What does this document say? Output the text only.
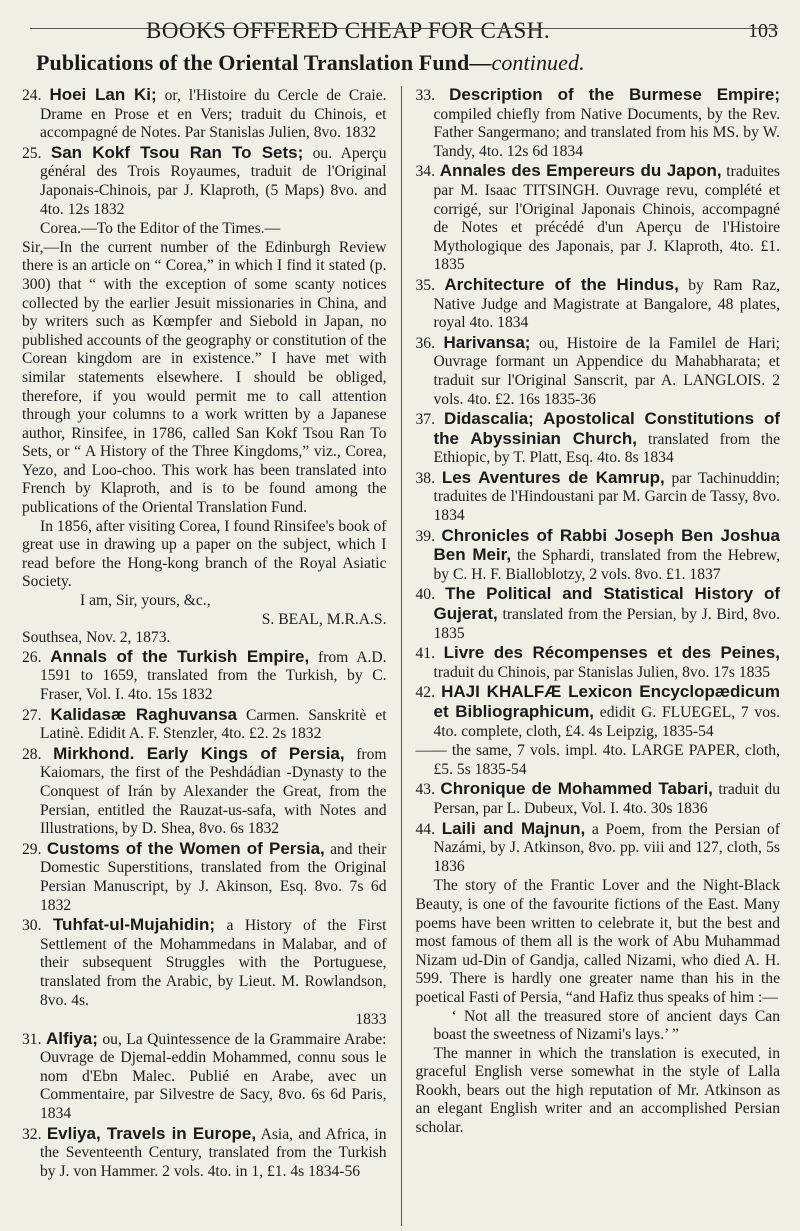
BOOKS OFFERED CHEAP FOR CASH.	103
Publications of the Oriental Translation Fund—continued.

24. Hoei Lan Ki; or, l'Histoire du Cercle de Craie. Drame en Prose et en Vers; traduit du Chinois, et accompagné de Notes. Par Stanislas Julien, 8vo. 1832

25. San Kokf Tsou Ran To Sets; ou. Aperçu général des Trois Royaumes, traduit de l'Original Japonais-Chinois, par J. Klaproth, (5 Maps) 8vo. and 4to. 12s 1832

Corea.—To the Editor of the Times.—

Sir,—In the current number of the Edinburgh Review there is an article on “ Corea,” in which I find it stated (p. 300) that “ with the exception of some scanty notices collected by the earlier Jesuit missionaries in China, and by writers such as Kœmpfer and Siebold in Japan, no published accounts of the geography or constitution of the Corean kingdom are in existence.” I have met with similar statements elsewhere. I should be obliged, therefore, if you would permit me to call attention through your columns to a work written by a Japanese author, Rinsifee, in 1786, called San Kokf Tsou Ran To Sets, or “ A History of the Three Kingdoms,” viz., Corea, Yezo, and Loo-choo. This work has been translated into French by Klaproth, and is to be found among the publications of the Oriental Translation Fund.

In 1856, after visiting Corea, I found Rinsifee's book of great use in drawing up a paper on the subject, which I read before the Hong-kong branch of the Royal Asiatic Society.

I am, Sir, yours, &c.,

S. BEAL, M.R.A.S.

Southsea, Nov. 2, 1873.

26. Annals of the Turkish Empire, from A.D. 1591 to 1659, translated from the Turkish, by C. Fraser, Vol. I. 4to. 15s 1832

27. Kalidasæ Raghuvansa Carmen. Sanskritè et Latinè. Edidit A. F. Stenzler, 4to. £2. 2s 1832

28. Mirkhond. Early Kings of Persia, from Kaiomars, the first of the Peshdádian -Dynasty to the Conquest of Irán by Alexander the Great, from the Persian, entitled the Rauzat-us-safa, with Notes and Illustrations, by D. Shea, 8vo. 6s 1832

29. Customs of the Women of Persia, and their Domestic Superstitions, translated from the Original Persian Manuscript, by J. Akinson, Esq. 8vo. 7s 6d 1832

30. Tuhfat-ul-Mujahidin; a History of the First Settlement of the Mohammedans in Malabar, and of their subsequent Struggles with the Portuguese, translated from the Arabic, by Lieut. M. Rowlandson, 8vo. 4s.

1833

31. Alfiya; ou, La Quintessence de la Grammaire Arabe: Ouvrage de Djemal-eddin Mohammed, connu sous le nom d'Ebn Malec. Publié en Arabe, avec un Commentaire, par Silvestre de Sacy, 8vo. 6s 6d Paris, 1834

32. Evliya, Travels in Europe, Asia, and Africa, in the Seventeenth Century, translated from the Turkish by J. von Hammer. 2 vols. 4to. in 1, £1. 4s 1834-56

33. Description of the Burmese Empire; compiled chiefly from Native Documents, by the Rev. Father Sangermano; and translated from his MS. by W. Tandy, 4to. 12s 6d 1834

34. Annales des Empereurs du Japon, traduites par M. Isaac TITSINGH. Ouvrage revu, complété et corrigé, sur l'Original Japonais Chinois, accompagné de Notes et précédé d'un Aperçu de l'Histoire Mythologique des Japonais, par J. Klaproth, 4to. £1. 1835

35. Architecture of the Hindus, by Ram Raz, Native Judge and Magistrate at Bangalore, 48 plates, royal 4to. 1834

36. Harivansa; ou, Histoire de la Familel de Hari; Ouvrage formant un Appendice du Mahabharata; et traduit sur l'Original Sanscrit, par A. LANGLOIS. 2 vols. 4to. £2. 16s 1835-36

37. Didascalia; Apostolical Constitutions of the Abyssinian Church, translated from the Ethiopic, by T. Platt, Esq. 4to. 8s 1834

38. Les Aventures de Kamrup, par Tachinuddin; traduites de l'Hindoustani par M. Garcin de Tassy, 8vo. 1834

39. Chronicles of Rabbi Joseph Ben Joshua Ben Meir, the Sphardi, translated from the Hebrew, by C. H. F. Bialloblotzy, 2 vols. 8vo. £1. 1837

40. The Political and Statistical History of Gujerat, translated from the Persian, by J. Bird, 8vo. 1835

41. Livre des Récompenses et des Peines, traduit du Chinois, par Stanislas Julien, 8vo. 17s 1835

42. HAJI KHALFÆ Lexicon Encyclopædicum et Bibliographicum, edidit G. FLUEGEL, 7 vos. 4to. complete, cloth, £4. 4s Leipzig, 1835-54

—— the same, 7 vols. impl. 4to. LARGE PAPER, cloth, £5. 5s 1835-54

43. Chronique de Mohammed Tabari, traduit du Persan, par L. Dubeux, Vol. I. 4to. 30s 1836

44. Laili and Majnun, a Poem, from the Persian of Nazámi, by J. Atkinson, 8vo. pp. viii and 127, cloth, 5s 1836

The story of the Frantic Lover and the Night-Black Beauty, is one of the favourite fictions of the East. Many poems have been written to celebrate it, but the best and most famous of them all is the work of Abu Muhammad Nizam ud-Din of Gandja, called Nizami, who died A. H. 599. There is hardly one greater name than his in the poetical Fasti of Persia, “and Hafiz thus speaks of him :—

‘ Not all the treasured store of ancient days Can boast the sweetness of Nizami's lays.’ ”

The manner in which the translation is executed, in graceful English verse somewhat in the style of Lalla Rookh, bears out the high reputation of Mr. Atkinson as an elegant English writer and an accomplished Persian scholar.
